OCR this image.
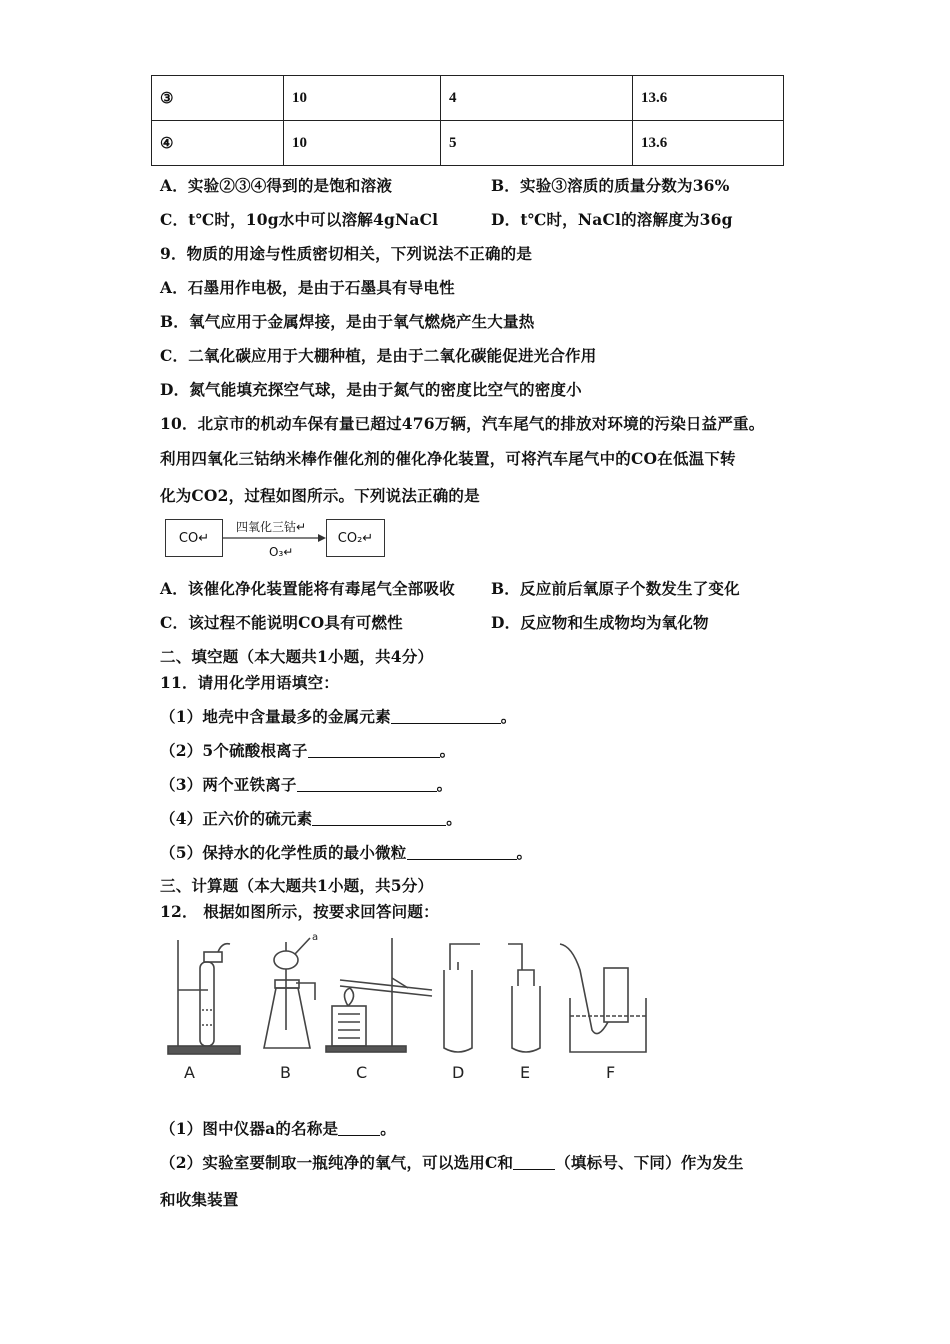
③	10	4	13.6
④	10	5	13.6
A．实验②③④得到的是饱和溶液	B．实验③溶质的质量分数为36%
C．t℃时，10g水中可以溶解4gNaCl	D．t℃时，NaCl的溶解度为36g
9．物质的用途与性质密切相关，下列说法不正确的是
A．石墨用作电极，是由于石墨具有导电性
B．氧气应用于金属焊接，是由于氧气燃烧产生大量热
C．二氧化碳应用于大棚种植，是由于二氧化碳能促进光合作用
D．氮气能填充探空气球，是由于氮气的密度比空气的密度小
10．北京市的机动车保有量已超过476万辆，汽车尾气的排放对环境的污染日益严重。
利用四氧化三钴纳米棒作催化剂的催化净化装置，可将汽车尾气中的CO在低温下转
化为CO2，过程如图所示。下列说法正确的是
CO↵	CO₂↵
四氧化三钴↵
O₃↵
A．该催化净化装置能将有毒尾气全部吸收 B．反应前后氧原子个数发生了变化
C．该过程不能说明CO具有可燃性	D．反应物和生成物均为氧化物
二、填空题（本大题共1小题，共4分）
11．请用化学用语填空：
（1）地壳中含量最多的金属元素	。
（2）5个硫酸根离子	。
（3）两个亚铁离子	。
（4）正六价的硫元素	。
（5）保持水的化学性质的最小微粒	。
三、计算题（本大题共1小题，共5分）
12． 根据如图所示，按要求回答问题：
A	B	C	D	E	F
a
（1）图中仪器a的名称是	。
（2）实验室要制取一瓶纯净的氧气，可以选用C和	（填标号、下同）作为发生
和收集装置
